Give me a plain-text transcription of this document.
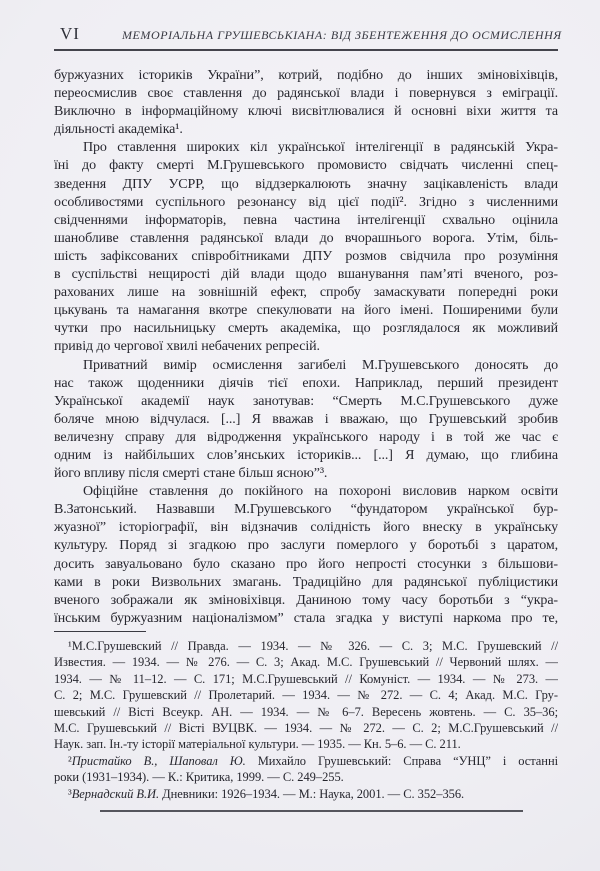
VI	МЕМОРІАЛЬНА ГРУШЕВСЬКІАНА: ВІД ЗБЕНТЕЖЕННЯ ДО ОСМИСЛЕННЯ
буржуазних істориків України”, котрий, подібно до інших зміновіхівців,
переосмислив своє ставлення до радянської влади і повернувся з еміграції.
Виключно в інформаційному ключі висвітлювалися й основні віхи життя та
діяльності академіка¹.
Про ставлення широких кіл української інтелігенції в радянській Укра-
їні до факту смерті М.Грушевського промовисто свідчать численні спец-
зведення ДПУ УСРР, що віддзеркалюють значну зацікавленість влади
особливостями суспільного резонансу від цієї події². Згідно з численними
свідченнями інформаторів, певна частина інтелігенції схвально оцінила
шанобливе ставлення радянської влади до вчорашнього ворога. Утім, біль-
шість зафіксованих співробітниками ДПУ розмов свідчила про розуміння
в суспільстві нещирості дій влади щодо вшанування пам’яті вченого, роз-
рахованих лише на зовнішній ефект, спробу замаскувати попередні роки
цькувань та намагання вкотре спекулювати на його імені. Поширеними були
чутки про насильницьку смерть академіка, що розглядалося як можливий
привід до чергової хвилі небачених репресій.
Приватний вимір осмислення загибелі М.Грушевського доносять до
нас також щоденники діячів тієї епохи. Наприклад, перший президент
Української академії наук занотував: “Смерть М.С.Грушевського дуже
боляче мною відчулася. [...] Я вважав і вважаю, що Грушевський зробив
величезну справу для відродження українського народу і в той же час є
одним із найбільших слов’янських істориків... [...] Я думаю, що глибина
його впливу після смерті стане більш ясною”³.
Офіційне ставлення до покійного на похороні висловив нарком освіти
В.Затонський. Назвавши М.Грушевського “фундатором української бур-
жуазної” історіографії, він відзначив солідність його внеску в українську
культуру. Поряд зі згадкою про заслуги померлого у боротьбі з царатом,
досить завуальовано було сказано про його непрості стосунки з більшови-
ками в роки Визвольних змагань. Традиційно для радянської публіцистики
вченого зображали як зміновіхівця. Даниною тому часу боротьби з “укра-
їнським буржуазним націоналізмом” стала згадка у виступі наркома про те,
¹М.С.Грушевский // Правда. — 1934. — № 326. — С. 3; М.С. Грушевский //
Известия. — 1934. — № 276. — С. 3; Акад. М.С. Грушевський // Червоний шлях. —
1934. — № 11–12. — С. 171; М.С.Грушевський // Комуніст. — 1934. — № 273. —
С. 2; М.С. Грушевский // Пролетарий. — 1934. — № 272. — С. 4; Акад. М.С. Гру-
шевський // Вісті Всеукр. АН. — 1934. — № 6–7. Вересень жовтень. — С. 35–36;
М.С. Грушевський // Вісті ВУЦВК. — 1934. — № 272. — С. 2; М.С.Грушевський //
Наук. зап. Ін.-ту історії матеріальної культури. — 1935. — Кн. 5–6. — С. 211.
²Пристайко В., Шаповал Ю. Михайло Грушевський: Справа “УНЦ” і останні
роки (1931–1934). — К.: Критика, 1999. — С. 249–255.
³Вернадский В.И. Дневники: 1926–1934. — М.: Наука, 2001. — С. 352–356.
